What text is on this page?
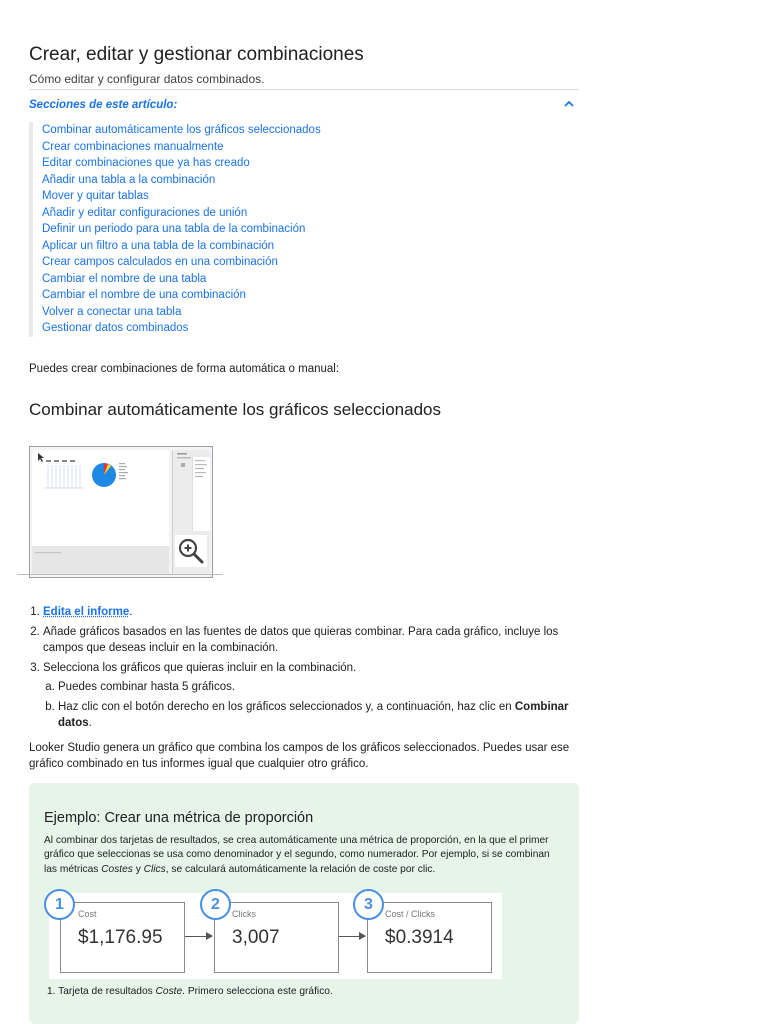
Crear, editar y gestionar combinaciones
Cómo editar y configurar datos combinados.
Secciones de este artículo:
Combinar automáticamente los gráficos seleccionados
Crear combinaciones manualmente
Editar combinaciones que ya has creado
Añadir una tabla a la combinación
Mover y quitar tablas
Añadir y editar configuraciones de unión
Definir un periodo para una tabla de la combinación
Aplicar un filtro a una tabla de la combinación
Crear campos calculados en una combinación
Cambiar el nombre de una tabla
Cambiar el nombre de una combinación
Volver a conectar una tabla
Gestionar datos combinados

Puedes crear combinaciones de forma automática o manual:

Combinar automáticamente los gráficos seleccionados
1. Edita el informe.
2. Añade gráficos basados en las fuentes de datos que quieras combinar. Para cada gráfico, incluye los campos que deseas incluir en la combinación.
3. Selecciona los gráficos que quieras incluir en la combinación.
a. Puedes combinar hasta 5 gráficos.
b. Haz clic con el botón derecho en los gráficos seleccionados y, a continuación, haz clic en Combinar datos.

Looker Studio genera un gráfico que combina los campos de los gráficos seleccionados. Puedes usar ese gráfico combinado en tus informes igual que cualquier otro gráfico.

Ejemplo: Crear una métrica de proporción

Al combinar dos tarjetas de resultados, se crea automáticamente una métrica de proporción, en la que el primer gráfico que seleccionas se usa como denominador y el segundo, como numerador. Por ejemplo, si se combinan las métricas Costes y Clics, se calculará automáticamente la relación de coste por clic.

Cost
$1,176.95
Clicks
3,007
Cost / Clicks
$0.3914
1	2	3
1. Tarjeta de resultados Coste. Primero selecciona este gráfico.
